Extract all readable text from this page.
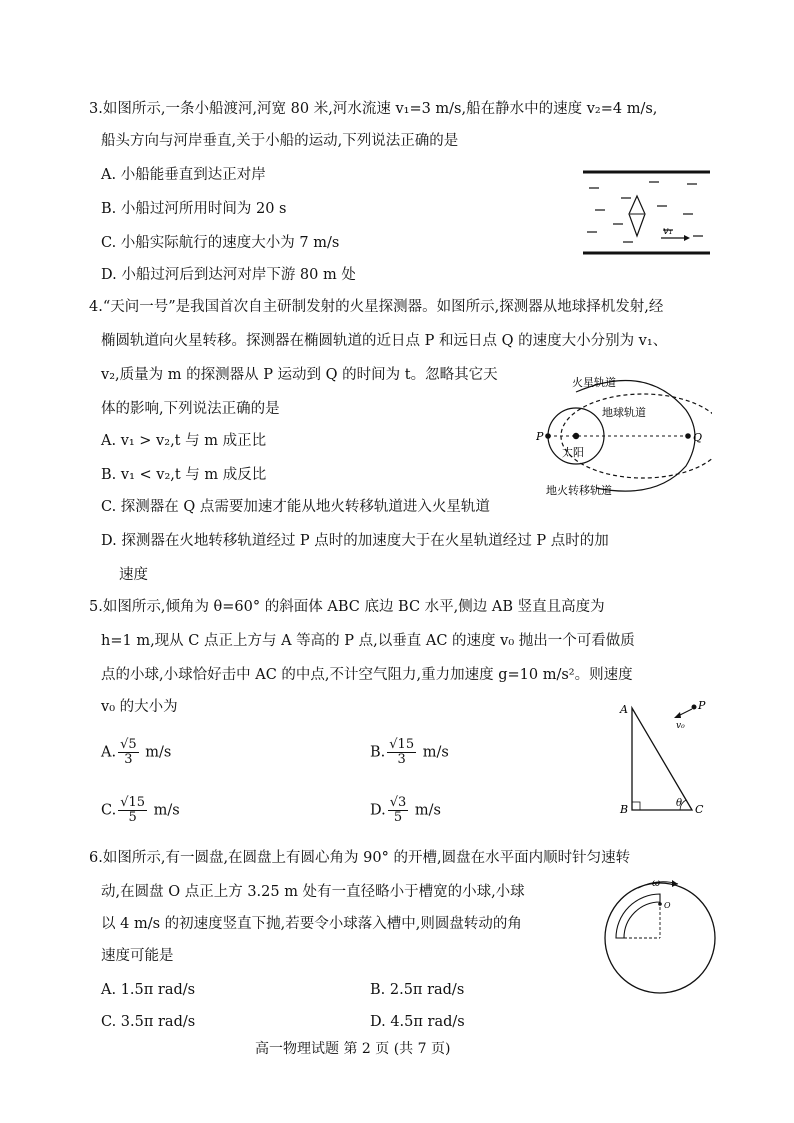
3.如图所示,一条小船渡河,河宽 80 米,河水流速 v₁=3 m/s,船在静水中的速度 v₂=4 m/s,
船头方向与河岸垂直,关于小船的运动,下列说法正确的是
A. 小船能垂直到达正对岸
B. 小船过河所用时间为 20 s
C. 小船实际航行的速度大小为 7 m/s
D. 小船过河后到达河对岸下游 80 m 处
v₁
4.“天问一号”是我国首次自主研制发射的火星探测器。如图所示,探测器从地球择机发射,经
椭圆轨道向火星转移。探测器在椭圆轨道的近日点 P 和远日点 Q 的速度大小分别为 v₁、
v₂,质量为 m 的探测器从 P 运动到 Q 的时间为 t。忽略其它天
体的影响,下列说法正确的是
A. v₁ > v₂,t 与 m 成正比
B. v₁ < v₂,t 与 m 成反比
C. 探测器在 Q 点需要加速才能从地火转移轨道进入火星轨道
D. 探测器在火地转移轨道经过 P 点时的加速度大于在火星轨道经过 P 点时的加
速度
火星轨道
地球轨道
太阳
地火转移轨道
P	Q
5.如图所示,倾角为 θ=60° 的斜面体 ABC 底边 BC 水平,侧边 AB 竖直且高度为
h=1 m,现从 C 点正上方与 A 等高的 P 点,以垂直 AC 的速度 v₀ 抛出一个可看做质
点的小球,小球恰好击中 AC 的中点,不计空气阻力,重力加速度 g=10 m/s²。则速度
v₀ 的大小为
A. $\frac{√5}{3} m/s$	B. $\frac{√15}{3} m/s$
C. $\frac{√15}{5} m/s$	D. $\frac{√3}{5} m/s$
A
B	C
P
v₀
θ
6.如图所示,有一圆盘,在圆盘上有圆心角为 90° 的开槽,圆盘在水平面内顺时针匀速转
动,在圆盘 O 点正上方 3.25 m 处有一直径略小于槽宽的小球,小球
以 4 m/s 的初速度竖直下抛,若要令小球落入槽中,则圆盘转动的角
速度可能是
A. 1.5π rad/s	B. 2.5π rad/s
C. 3.5π rad/s	D. 4.5π rad/s
ω
O
高一物理试题 第 2 页 (共 7 页)
